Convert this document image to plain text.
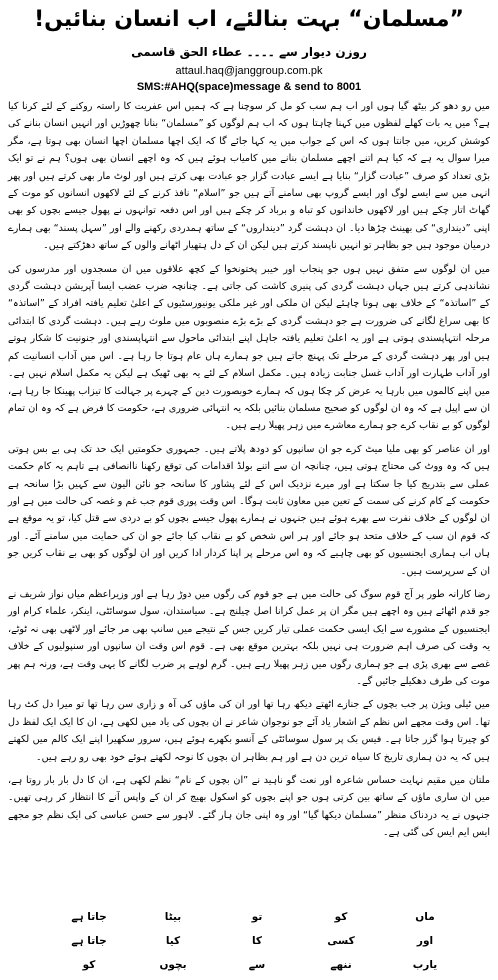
”مسلمان“ بہت بنالئے، اب انسان بنائیں!
روزن دیوار سے ۔۔۔۔ عطاء الحق قاسمی
attaul.haq@janggroup.com.pk
SMS:#AHQ(space)message & send to 8001

میں رو دھو کر بیٹھ گیا ہوں اور اب ہم سب کو مل کر سوچنا ہے کہ ہمیں اس عفریت کا راستہ روکنے کے لئے کرنا کیا ہے؟ میں یہ بات کھلے لفظوں میں کہنا چاہتا ہوں کہ اب ہم لوگوں کو ”مسلمان“ بنانا چھوڑیں اور انہیں انسان بنانے کی کوشش کریں، میں جانتا ہوں کہ اس کے جواب میں یہ کہا جائے گا کہ ایک اچھا مسلمان اچھا انسان بھی ہوتا ہے، مگر میرا سوال یہ ہے کہ کیا ہم اتنے اچھے مسلمان بنانے میں کامیاب ہوئے ہیں کہ وہ اچھے انسان بھی ہوں؟ ہم نے تو ایک بڑی تعداد کو صرف ”عبادت گزار“ بنایا ہے ایسے عبادت گزار جو عبادت بھی کرتے ہیں اور لوٹ مار بھی کرتے ہیں اور پھر انہی میں سے ایسے لوگ اور ایسے گروپ بھی سامنے آتے ہیں جو ”اسلام“ نافذ کرنے کے لئے لاکھوں انسانوں کو موت کے گھاٹ اتار چکے ہیں اور لاکھوں خاندانوں کو تباہ و برباد کر چکے ہیں اور اس دفعہ توانہوں نے پھول جیسے بچوں کو بھی اپنی ”دینداری“ کی بھینٹ چڑھا دیا۔ ان دہشت گرد ”دینداروں“ کے ساتھ ہمدردی رکھنے والے اور ”سہل پسند“ بھی ہمارے درمیان موجود ہیں جو بظاہر تو انہیں ناپسند کرتے ہیں لیکن ان کے دل ہتھیار اٹھانے والوں کے ساتھ دھڑکتے ہیں۔

میں ان لوگوں سے متفق نہیں ہوں جو پنجاب اور خیبر پختونخوا کے کچھ علاقوں میں ان مسجدوں اور مدرسوں کی نشاندہی کرتے ہیں جہاں دہشت گردی کی پنیری کاشت کی جاتی ہے۔ چنانچہ ضرب عضب ایسا آپریشن دہشت گردی کے ”اساتذہ“ کے خلاف بھی ہونا چاہئے لیکن ان ملکی اور غیر ملکی یونیورسٹیوں کے اعلیٰ تعلیم یافتہ افراد کے ”اساتذہ“ کا بھی سراغ لگانے کی ضرورت ہے جو دہشت گردی کے بڑے بڑے منصوبوں میں ملوث رہے ہیں۔ دہشت گردی کا ابتدائی مرحلہ انتہاپسندی ہوتی ہے اور یہ اعلیٰ تعلیم یافتہ جاہل اپنے ابتدائی ماحول سے انتہاپسندی اور جنونیت کا شکار ہوتے ہیں اور پھر دہشت گردی کے مرحلے تک پہنچ جاتے ہیں جو ہمارے ہاں عام ہوتا جا رہا ہے۔ اس میں آداب انسانیت کم اور آداب طہارت اور آداب غسل جنابت زیادہ ہیں۔ مکمل اسلام کے لئے یہ بھی ٹھیک ہے لیکن یہ مکمل اسلام نہیں ہے۔ میں اپنے کالموں میں بارہا یہ عرض کر چکا ہوں کہ ہمارے خوبصورت دین کے چہرے پر جہالت کا تیزاب پھینکا جا رہا ہے، ان سے اپیل ہے کہ وہ ان لوگوں کو صحیح مسلمان بنائیں بلکہ یہ انتہائی ضروری ہے، حکومت کا فرض ہے کہ وہ ان تمام لوگوں کو بے نقاب کرے جو ہمارے معاشرے میں زہر پھیلا رہے ہیں۔

اور ان عناصر کو بھی ملیا میٹ کرے جو ان سانپوں کو دودھ پلاتے ہیں۔ جمہوری حکومتیں ایک حد تک ہی بے بس ہوتی ہیں کہ وہ ووٹ کی محتاج ہوتی ہیں، چنانچہ ان سے اتنے بولڈ اقدامات کی توقع رکھنا ناانصافی ہے تاہم یہ کام حکمت عملی سے بتدریج کیا جا سکتا ہے اور میرے نزدیک اس کے لئے پشاور کا سانحہ جو نائن الیون سے کہیں بڑا سانحہ ہے حکومت کے کام کرنے کی سمت کے تعین میں معاون ثابت ہوگا۔ اس وقت پوری قوم جب غم و غصہ کی حالت میں ہے اور ان لوگوں کے خلاف نفرت سے بھرے ہوئے ہیں جنہوں نے ہمارے پھول جیسے بچوں کو بے دردی سے قتل کیا، تو یہ موقع ہے کہ قوم ان سب کے خلاف متحد ہو جائے اور ہر اس شخص کو بے نقاب کیا جائے جو ان کی حمایت میں سامنے آئے۔ اور ہاں اب ہماری ایجنسیوں کو بھی چاہیے کہ وہ اس مرحلے پر اپنا کردار ادا کریں اور ان لوگوں کو بھی بے نقاب کریں جو ان کے سرپرست ہیں۔

رضا کارانہ طور پر آج قوم سوگ کی حالت میں ہے جو قوم کی رگوں میں دوڑ رہا ہے اور وزیراعظم میاں نواز شریف نے جو قدم اٹھائے ہیں وہ اچھے ہیں مگر ان پر عمل کرانا اصل چیلنج ہے۔ سیاستدان، سول سوسائٹی، اینکر، علماء کرام اور ایجنسیوں کے مشورے سے ایک ایسی حکمت عملی تیار کریں جس کے نتیجے میں سانپ بھی مر جائے اور لاٹھی بھی نہ ٹوٹے، یہ وقت کی صرف اہم ضرورت ہی نہیں بلکہ بہترین موقع بھی ہے۔ قوم اس وقت ان سانپوں اور سنپولیوں کے خلاف غصے سے بھری پڑی ہے جو ہماری رگوں میں زہر پھیلا رہے ہیں۔ گرم لوہے پر ضرب لگانے کا یہی وقت ہے، ورنہ ہم پھر موت کی طرف دھکیلے جائیں گے۔

میں ٹیلی ویژن پر جب بچوں کے جنازے اٹھتے دیکھ رہا تھا اور ان کی ماؤں کی آہ و زاری سن رہا تھا تو میرا دل کٹ رہا تھا۔ اس وقت مجھے اس نظم کے اشعار یاد آئے جو نوجوان شاعر نے ان بچوں کی یاد میں لکھی ہے، ان کا ایک ایک لفظ دل کو چیرتا ہوا گزر جاتا ہے۔ فیس بک پر سول سوسائٹی کے آنسو بکھرے ہوئے ہیں، سرور سکھیرا اپنے ایک کالم میں لکھتے ہیں کہ یہ دن ہماری تاریخ کا سیاہ ترین دن ہے اور ہم بظاہر ان بچوں کا نوحہ لکھتے ہوئے خود بھی رو رہے ہیں۔

ملتان میں مقیم نہایت حساس شاعرہ اور نعت گو ناہید نے ”ان بچوں کے نام“ نظم لکھی ہے، ان کا دل بار بار روتا ہے، میں ان ساری ماؤں کے ساتھ بین کرتی ہوں جو اپنے بچوں کو اسکول بھیج کر ان کے واپس آنے کا انتظار کر رہی تھیں۔ جنہوں نے یہ دردناک منظر ”مسلمان دیکھا گیا“ اور وہ اپنی جان ہار گئے۔ لاہور سے حسن عباسی کی ایک نظم جو مجھے ایس ایم ایس کی گئی ہے۔

ماں
کو
تو
بیٹا
جاتا ہے
اور
کسی
کا
کیا
جاتا ہے
یارب
ننھے
سے
بچوں
کو
